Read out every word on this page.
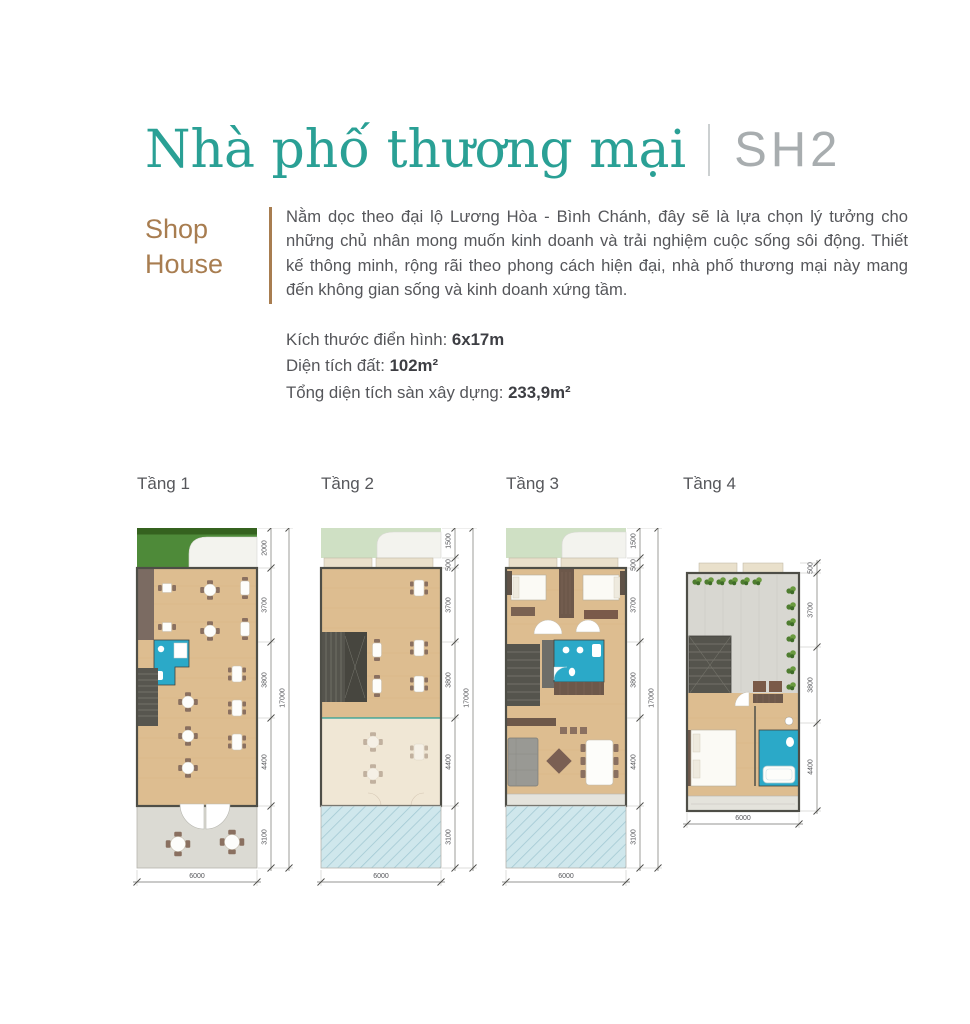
Nhà phố thương mại SH2
Shop House
Nằm dọc theo đại lộ Lương Hòa - Bình Chánh, đây sẽ là lựa chọn lý tưởng cho những chủ nhân mong muốn kinh doanh và trải nghiệm cuộc sống sôi động. Thiết kế thông minh, rộng rãi theo phong cách hiện đại, nhà phố thương mại này mang đến không gian sống và kinh doanh xứng tầm.
Kích thước điển hình: 6x17m
Diện tích đất: 102m²
Tổng diện tích sàn xây dựng: 233,9m²
Tầng 1
2000
3700
3800
4400
3100
17000
6000
Tầng 2
1500
500
3700
3800
4400
3100
17000
6000
Tầng 3
1500
500
3700
3800
4400
3100
17000
6000
Tầng 4
500
3700
3800
4400
6000
